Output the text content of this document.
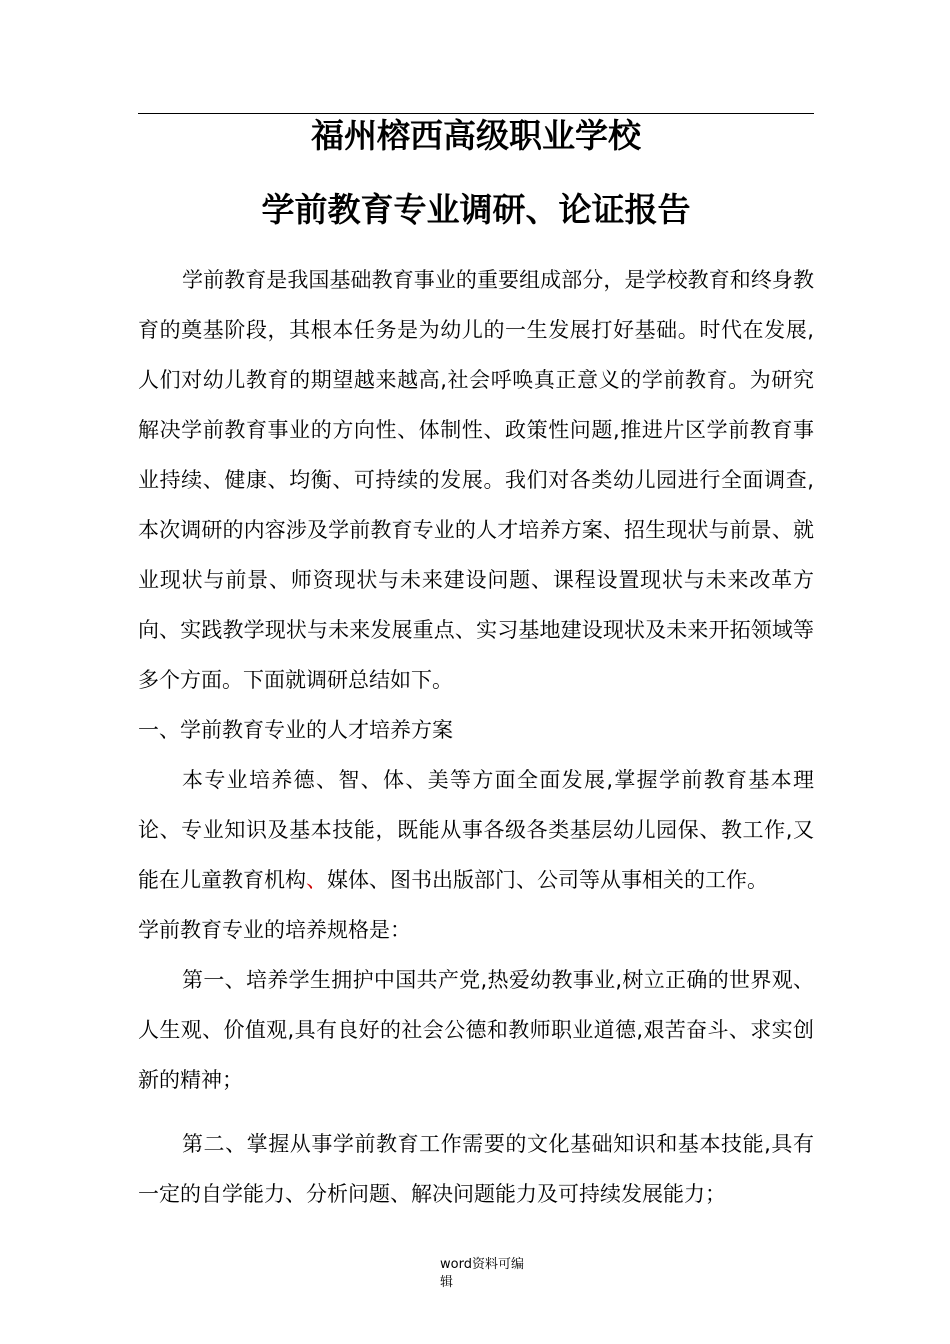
福州榕西高级职业学校
学前教育专业调研、论证报告

学前教育是我国基础教育事业的重要组成部分，是学校教育和终身教育的奠基阶段，其根本任务是为幼儿的一生发展打好基础。时代在发展,人们对幼儿教育的期望越来越高,社会呼唤真正意义的学前教育。为研究解决学前教育事业的方向性、体制性、政策性问题,推进片区学前教育事业持续、健康、均衡、可持续的发展。我们对各类幼儿园进行全面调查,本次调研的内容涉及学前教育专业的人才培养方案、招生现状与前景、就业现状与前景、师资现状与未来建设问题、课程设置现状与未来改革方向、实践教学现状与未来发展重点、实习基地建设现状及未来开拓领域等多个方面。下面就调研总结如下。

一、学前教育专业的人才培养方案

本专业培养德、智、体、美等方面全面发展,掌握学前教育基本理论、专业知识及基本技能，既能从事各级各类基层幼儿园保、教工作,又能在儿童教育机构、媒体、图书出版部门、公司等从事相关的工作。

学前教育专业的培养规格是：

第一、培养学生拥护中国共产党,热爱幼教事业,树立正确的世界观、人生观、价值观,具有良好的社会公德和教师职业道德,艰苦奋斗、求实创新的精神；

第二、掌握从事学前教育工作需要的文化基础知识和基本技能,具有一定的自学能力、分析问题、解决问题能力及可持续发展能力；

word资料可编
辑
